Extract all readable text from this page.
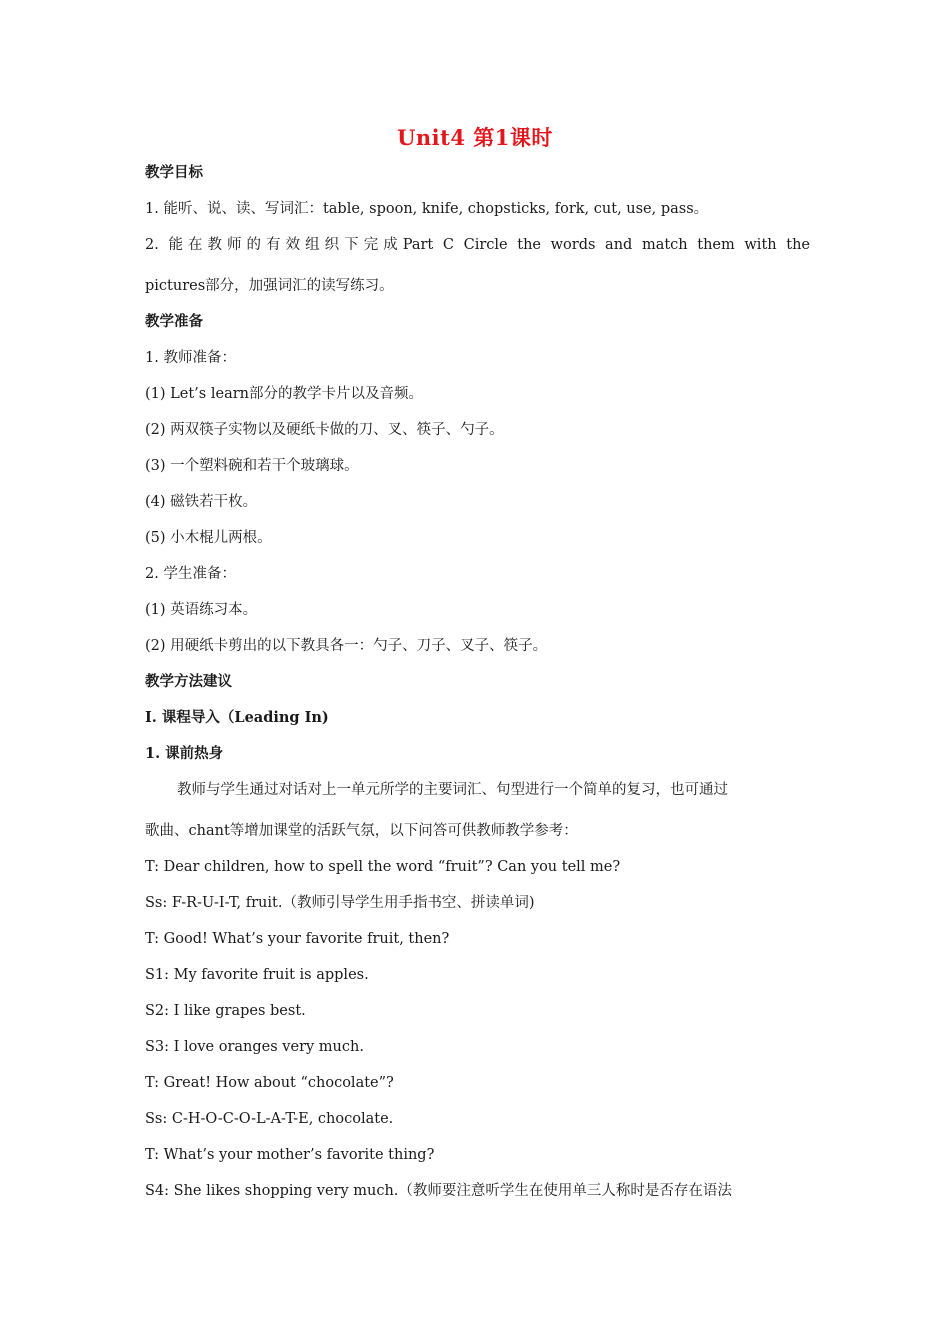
Unit4 第1课时
教学目标
1. 能听、说、读、写词汇：table, spoon, knife, chopsticks, fork, cut, use, pass。
2. 能在教师的有效组织下完成Part C Circle the words and match them with the
pictures部分，加强词汇的读写练习。
教学准备
1. 教师准备：
(1) Let’s learn部分的教学卡片以及音频。
(2) 两双筷子实物以及硬纸卡做的刀、叉、筷子、勺子。
(3) 一个塑料碗和若干个玻璃球。
(4) 磁铁若干枚。
(5) 小木棍儿两根。
2. 学生准备：
(1) 英语练习本。
(2) 用硬纸卡剪出的以下教具各一：勺子、刀子、叉子、筷子。
教学方法建议
I. 课程导入（Leading In)
1. 课前热身
教师与学生通过对话对上一单元所学的主要词汇、句型进行一个简单的复习，也可通过
歌曲、chant等增加课堂的活跃气氛，以下问答可供教师教学参考：
T: Dear children, how to spell the word “fruit”? Can you tell me?
Ss: F-R-U-I-T, fruit.（教师引导学生用手指书空、拼读单词)
T: Good! What’s your favorite fruit, then?
S1: My favorite fruit is apples.
S2: I like grapes best.
S3: I love oranges very much.
T: Great! How about “chocolate”?
Ss: C-H-O-C-O-L-A-T-E, chocolate.
T: What’s your mother’s favorite thing?
S4: She likes shopping very much.（教师要注意听学生在使用单三人称时是否存在语法
